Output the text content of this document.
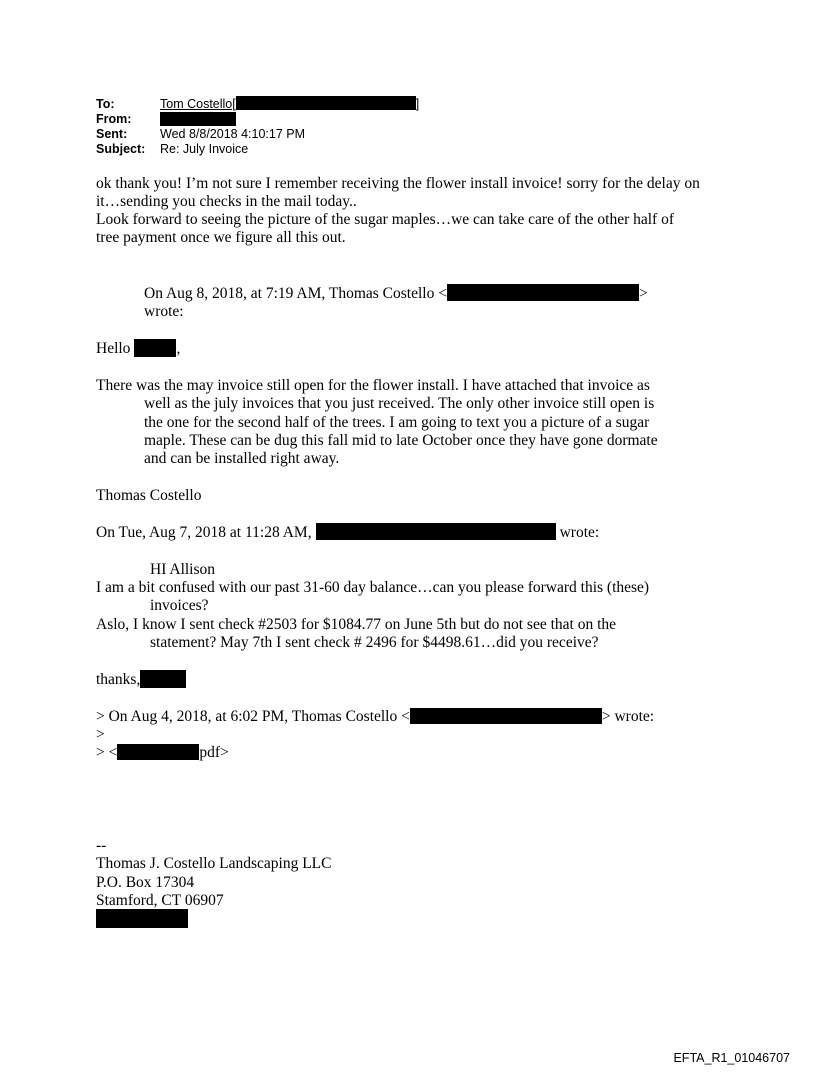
To:	Tom Costello[	]
From:
Sent:	Wed 8/8/2018 4:10:17 PM
Subject: Re: July Invoice
ok thank you! I’m not sure I remember receiving the flower install invoice! sorry for the delay on
it…sending you checks in the mail today..
Look forward to seeing the picture of the sugar maples…we can take care of the other half of
tree payment once we figure all this out.
On Aug 8, 2018, at 7:19 AM, Thomas Costello <	>
wrote:
Hello	,
There was the may invoice still open for the flower install. I have attached that invoice as
well as the july invoices that you just received. The only other invoice still open is
the one for the second half of the trees. I am going to text you a picture of a sugar
maple. These can be dug this fall mid to late October once they have gone dormate
and can be installed right away.
Thomas Costello
On Tue, Aug 7, 2018 at 11:28 AM,	wrote:
HI Allison
I am a bit confused with our past 31-60 day balance…can you please forward this (these)
invoices?
Aslo, I know I sent check #2503 for $1084.77 on June 5th but do not see that on the
statement? May 7th I sent check # 2496 for $4498.61…did you receive?
thanks,
> On Aug 4, 2018, at 6:02 PM, Thomas Costello <	> wrote:
>
> <	pdf>
--
Thomas J. Costello Landscaping LLC
P.O. Box 17304
Stamford, CT 06907
EFTA_R1_01046707
